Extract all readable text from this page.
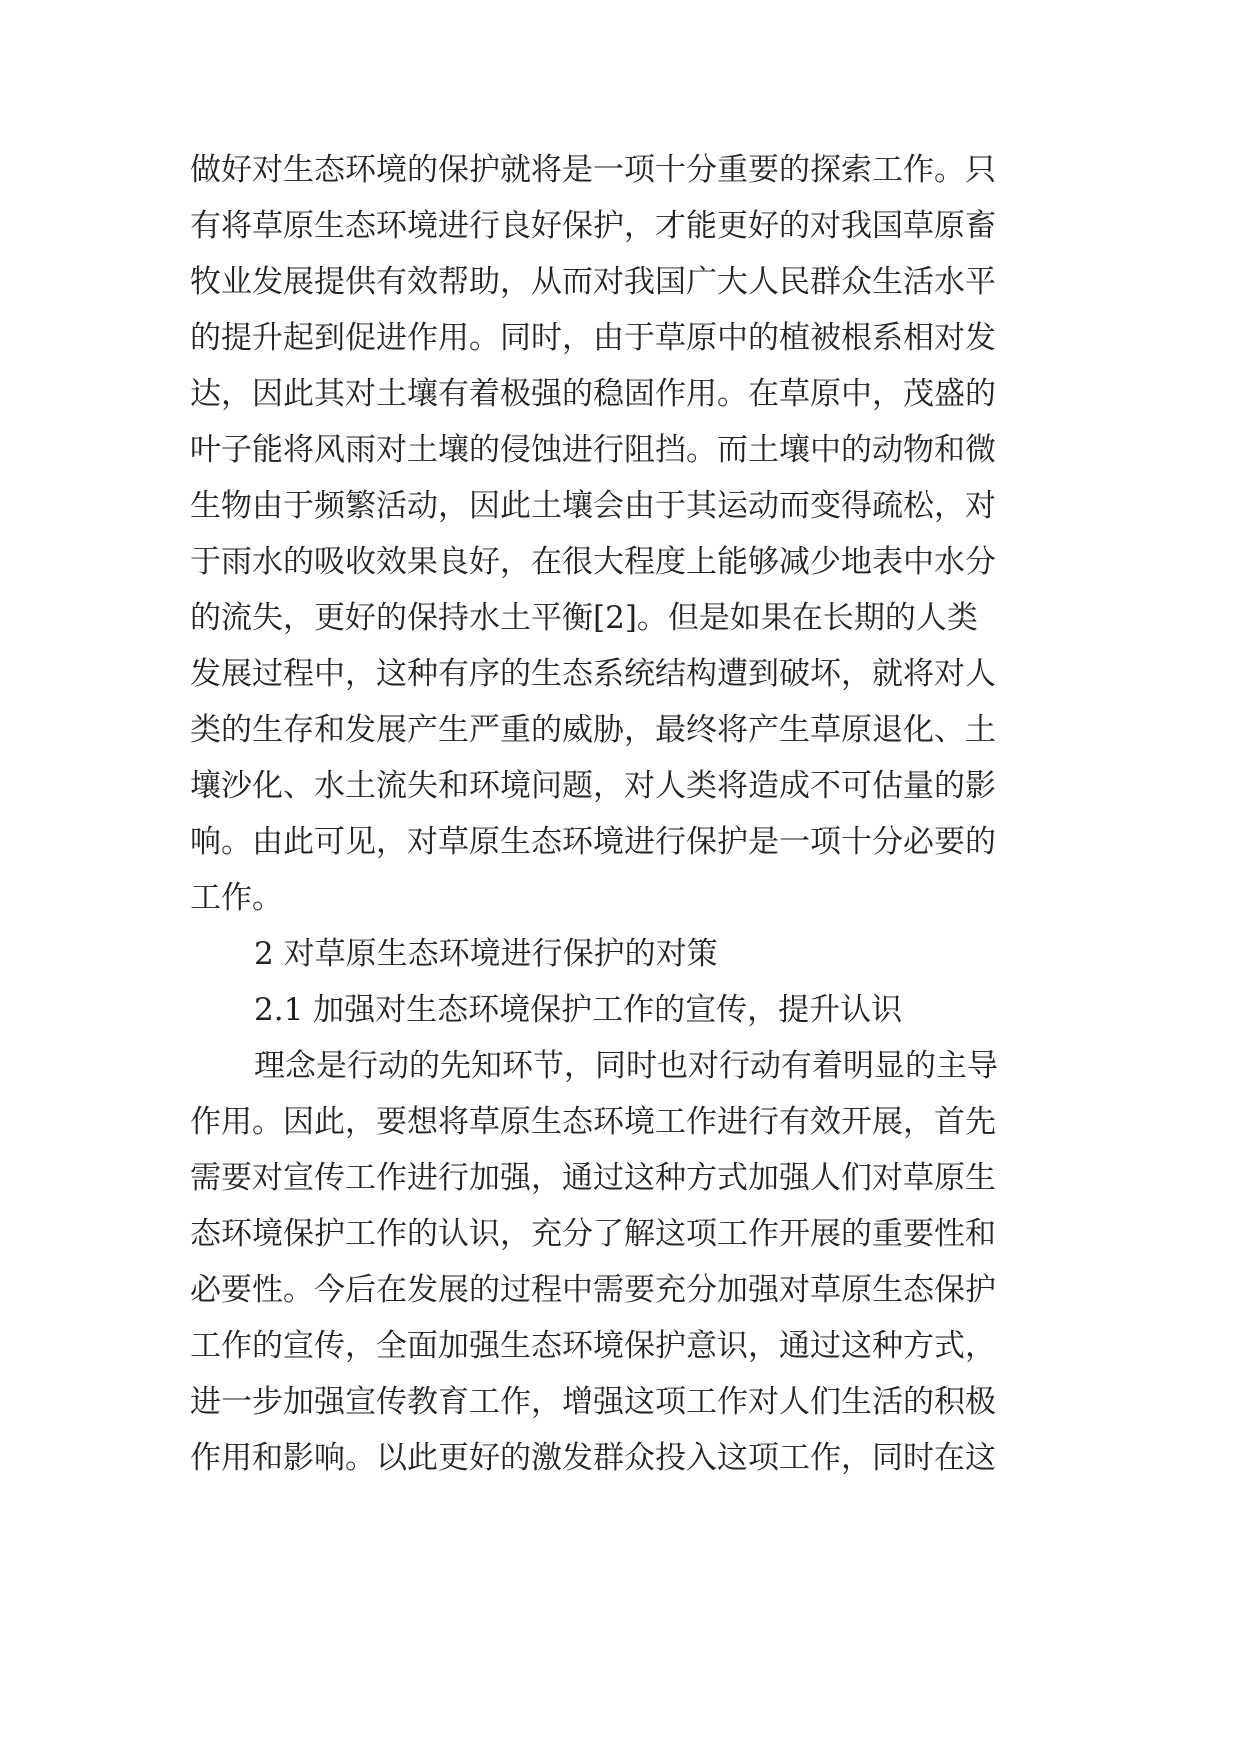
做好对生态环境的保护就将是一项十分重要的探索工作。只
有将草原生态环境进行良好保护，才能更好的对我国草原畜
牧业发展提供有效帮助，从而对我国广大人民群众生活水平
的提升起到促进作用。同时，由于草原中的植被根系相对发
达，因此其对土壤有着极强的稳固作用。在草原中，茂盛的
叶子能将风雨对土壤的侵蚀进行阻挡。而土壤中的动物和微
生物由于频繁活动，因此土壤会由于其运动而变得疏松，对
于雨水的吸收效果良好，在很大程度上能够减少地表中水分
的流失，更好的保持水土平衡[2]。但是如果在长期的人类
发展过程中，这种有序的生态系统结构遭到破坏，就将对人
类的生存和发展产生严重的威胁，最终将产生草原退化、土
壤沙化、水土流失和环境问题，对人类将造成不可估量的影
响。由此可见，对草原生态环境进行保护是一项十分必要的
工作。
2 对草原生态环境进行保护的对策
2.1 加强对生态环境保护工作的宣传，提升认识
理念是行动的先知环节，同时也对行动有着明显的主导
作用。因此，要想将草原生态环境工作进行有效开展，首先
需要对宣传工作进行加强，通过这种方式加强人们对草原生
态环境保护工作的认识，充分了解这项工作开展的重要性和
必要性。今后在发展的过程中需要充分加强对草原生态保护
工作的宣传，全面加强生态环境保护意识，通过这种方式，
进一步加强宣传教育工作，增强这项工作对人们生活的积极
作用和影响。以此更好的激发群众投入这项工作，同时在这
